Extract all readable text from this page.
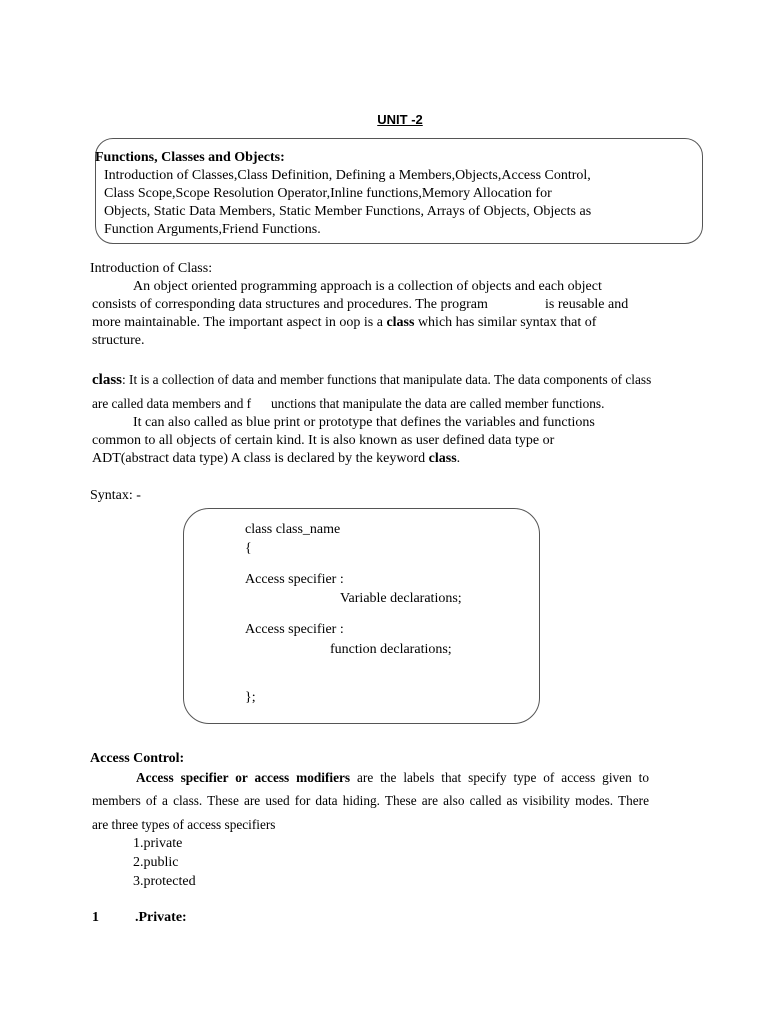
UNIT -2
Functions, Classes and Objects:
Introduction of Classes,Class Definition, Defining a Members,Objects,Access Control,
Class Scope,Scope Resolution Operator,Inline functions,Memory Allocation for
Objects, Static Data Members, Static Member Functions, Arrays of Objects, Objects as
Function Arguments,Friend Functions.
Introduction of Class:
An object oriented programming approach is a collection of objects and each object
consists of corresponding data structures and procedures. The program	is reusable and
more maintainable. The important aspect in oop is a class which has similar syntax that of
structure.
class: It is a collection of data and member functions that manipulate data. The data components of class
are called data members and f unctions that manipulate the data are called member functions.
It can also called as blue print or prototype that defines the variables and functions
common to all objects of certain kind. It is also known as user defined data type or
ADT(abstract data type) A class is declared by the keyword class.
Syntax: -
class class_name
{
Access specifier :
Variable declarations;
Access specifier :
function declarations;
};
Access Control:
Access specifier or access modifiers are the labels that specify type of access given to
members of a class. These are used for data hiding. These are also called as visibility modes. There
are three types of access specifiers
1.private
2.public
3.protected
1	.Private:
